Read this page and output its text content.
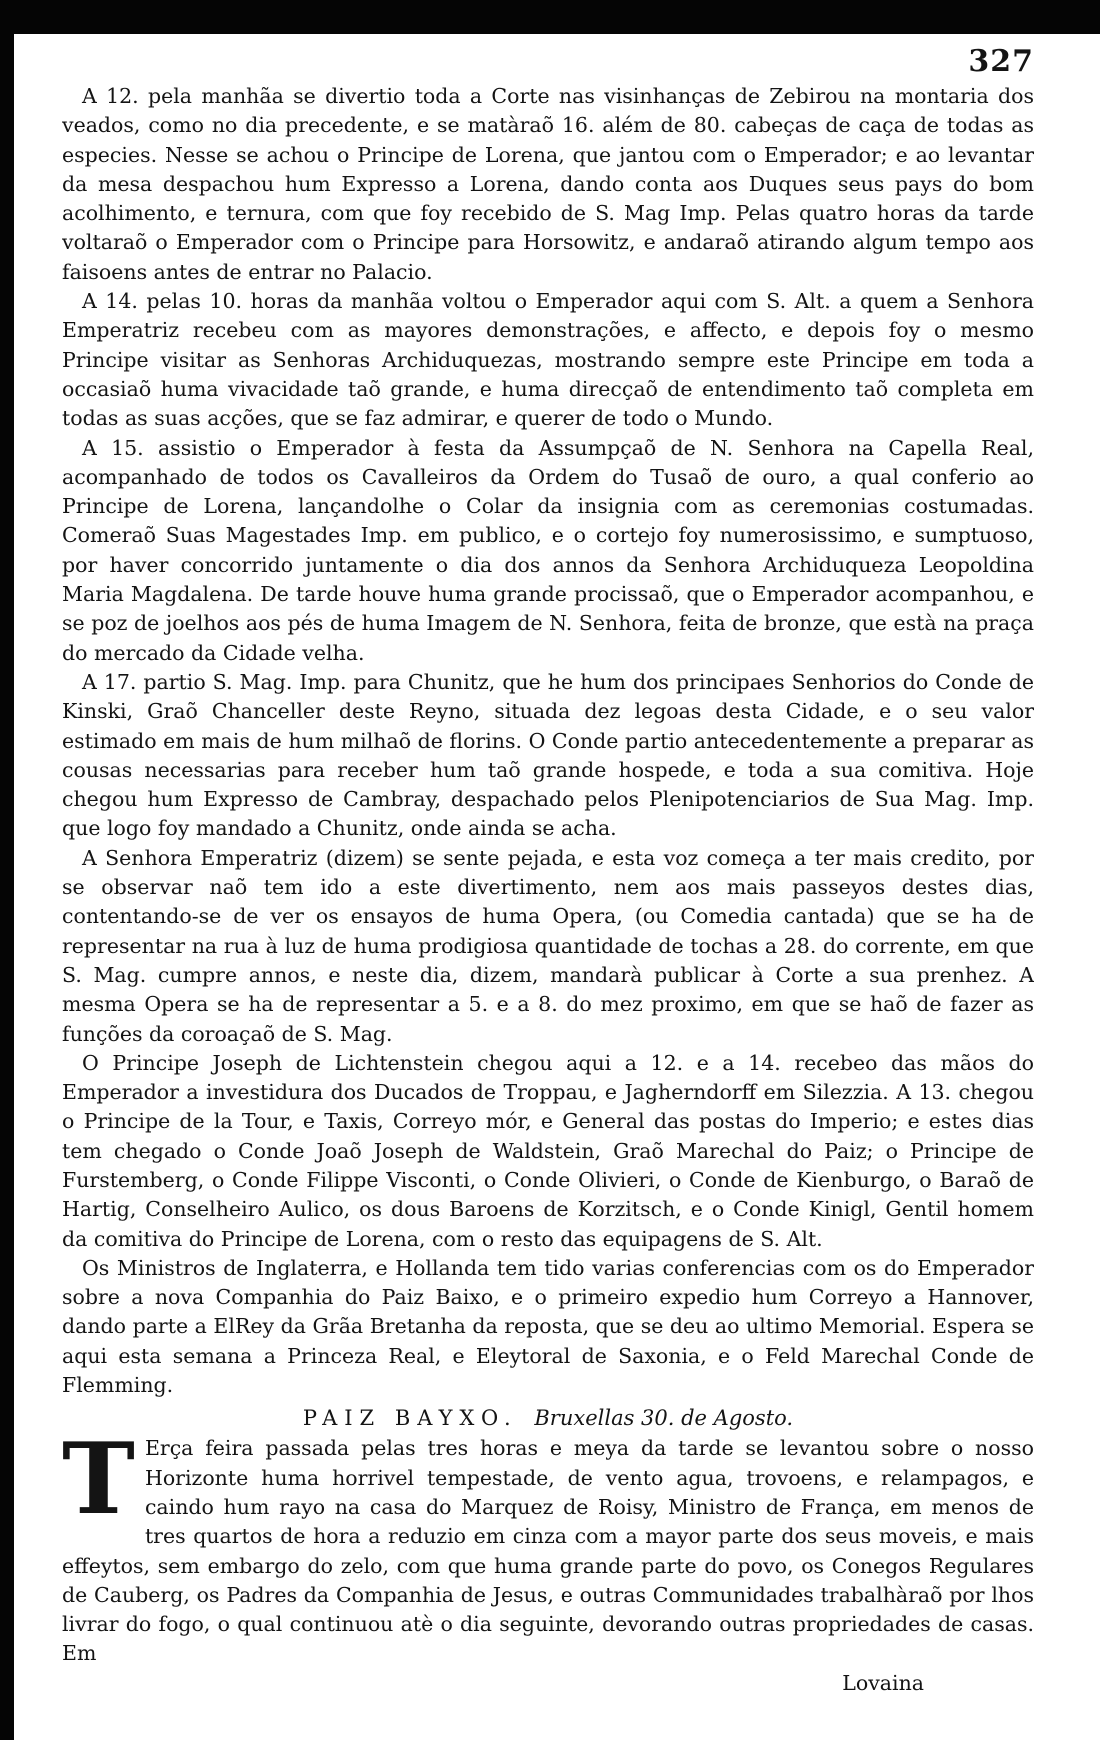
327

A 12. pela manhãa se divertio toda a Corte nas visinhanças de Zebirou na montaria dos veados, como no dia precedente, e se matàraõ 16. além de 80. cabeças de caça de todas as especies. Nesse se achou o Principe de Lorena, que jantou com o Emperador; e ao levantar da mesa despachou hum Expresso a Lorena, dando conta aos Duques seus pays do bom acolhimento, e ternura, com que foy recebido de S. Mag Imp. Pelas quatro horas da tarde voltaraõ o Emperador com o Principe para Horsowitz, e andaraõ atirando algum tempo aos faisoens antes de entrar no Palacio.

A 14. pelas 10. horas da manhãa voltou o Emperador aqui com S. Alt. a quem a Senhora Emperatriz recebeu com as mayores demonstrações, e affecto, e depois foy o mesmo Principe visitar as Senhoras Archiduquezas, mostrando sempre este Principe em toda a occasiaõ huma vivacidade taõ grande, e huma direcçaõ de entendimento taõ completa em todas as suas acções, que se faz admirar, e querer de todo o Mundo.

A 15. assistio o Emperador à festa da Assumpçaõ de N. Senhora na Capella Real, acompanhado de todos os Cavalleiros da Ordem do Tusaõ de ouro, a qual conferio ao Principe de Lorena, lançandolhe o Colar da insignia com as ceremonias costumadas. Comeraõ Suas Magestades Imp. em publico, e o cortejo foy numerosissimo, e sumptuoso, por haver concorrido juntamente o dia dos annos da Senhora Archiduqueza Leopoldina Maria Magdalena. De tarde houve huma grande procissaõ, que o Emperador acompanhou, e se poz de joelhos aos pés de huma Imagem de N. Senhora, feita de bronze, que està na praça do mercado da Cidade velha.

A 17. partio S. Mag. Imp. para Chunitz, que he hum dos principaes Senhorios do Conde de Kinski, Graõ Chanceller deste Reyno, situada dez legoas desta Cidade, e o seu valor estimado em mais de hum milhaõ de florins. O Conde partio antecedentemente a preparar as cousas necessarias para receber hum taõ grande hospede, e toda a sua comitiva. Hoje chegou hum Expresso de Cambray, despachado pelos Plenipotenciarios de Sua Mag. Imp. que logo foy mandado a Chunitz, onde ainda se acha.

A Senhora Emperatriz (dizem) se sente pejada, e esta voz começa a ter mais credito, por se observar naõ tem ido a este divertimento, nem aos mais passeyos destes dias, contentando-se de ver os ensayos de huma Opera, (ou Comedia cantada) que se ha de representar na rua à luz de huma prodigiosa quantidade de tochas a 28. do corrente, em que S. Mag. cumpre annos, e neste dia, dizem, mandarà publicar à Corte a sua prenhez. A mesma Opera se ha de representar a 5. e a 8. do mez proximo, em que se haõ de fazer as funções da coroaçaõ de S. Mag.

O Principe Joseph de Lichtenstein chegou aqui a 12. e a 14. recebeo das mãos do Emperador a investidura dos Ducados de Troppau, e Jagherndorff em Silezzia. A 13. chegou o Principe de la Tour, e Taxis, Correyo mór, e General das postas do Imperio; e estes dias tem chegado o Conde Joaõ Joseph de Waldstein, Graõ Marechal do Paiz; o Principe de Furstemberg, o Conde Filippe Visconti, o Conde Olivieri, o Conde de Kienburgo, o Baraõ de Hartig, Conselheiro Aulico, os dous Baroens de Korzitsch, e o Conde Kinigl, Gentil homem da comitiva do Principe de Lorena, com o resto das equipagens de S. Alt.

Os Ministros de Inglaterra, e Hollanda tem tido varias conferencias com os do Emperador sobre a nova Companhia do Paiz Baixo, e o primeiro expedio hum Correyo a Hannover, dando parte a ElRey da Grãa Bretanha da reposta, que se deu ao ultimo Memorial. Espera se aqui esta semana a Princeza Real, e Eleytoral de Saxonia, e o Feld Marechal Conde de Flemming.

PAIZ BAYXO. Bruxellas 30. de Agosto.

T Erça feira passada pelas tres horas e meya da tarde se levantou sobre o nosso Horizonte huma horrivel tempestade, de vento agua, trovoens, e relampagos, e caindo hum rayo na casa do Marquez de Roisy, Ministro de França, em menos de tres quartos de hora a reduzio em cinza com a mayor parte dos seus moveis, e mais effeytos, sem embargo do zelo, com que huma grande parte do povo, os Conegos Regulares de Cauberg, os Padres da Companhia de Jesus, e outras Communidades trabalhàraõ por lhos livrar do fogo, o qual continuou atè o dia seguinte, devorando outras propriedades de casas. Em

Lovaina
